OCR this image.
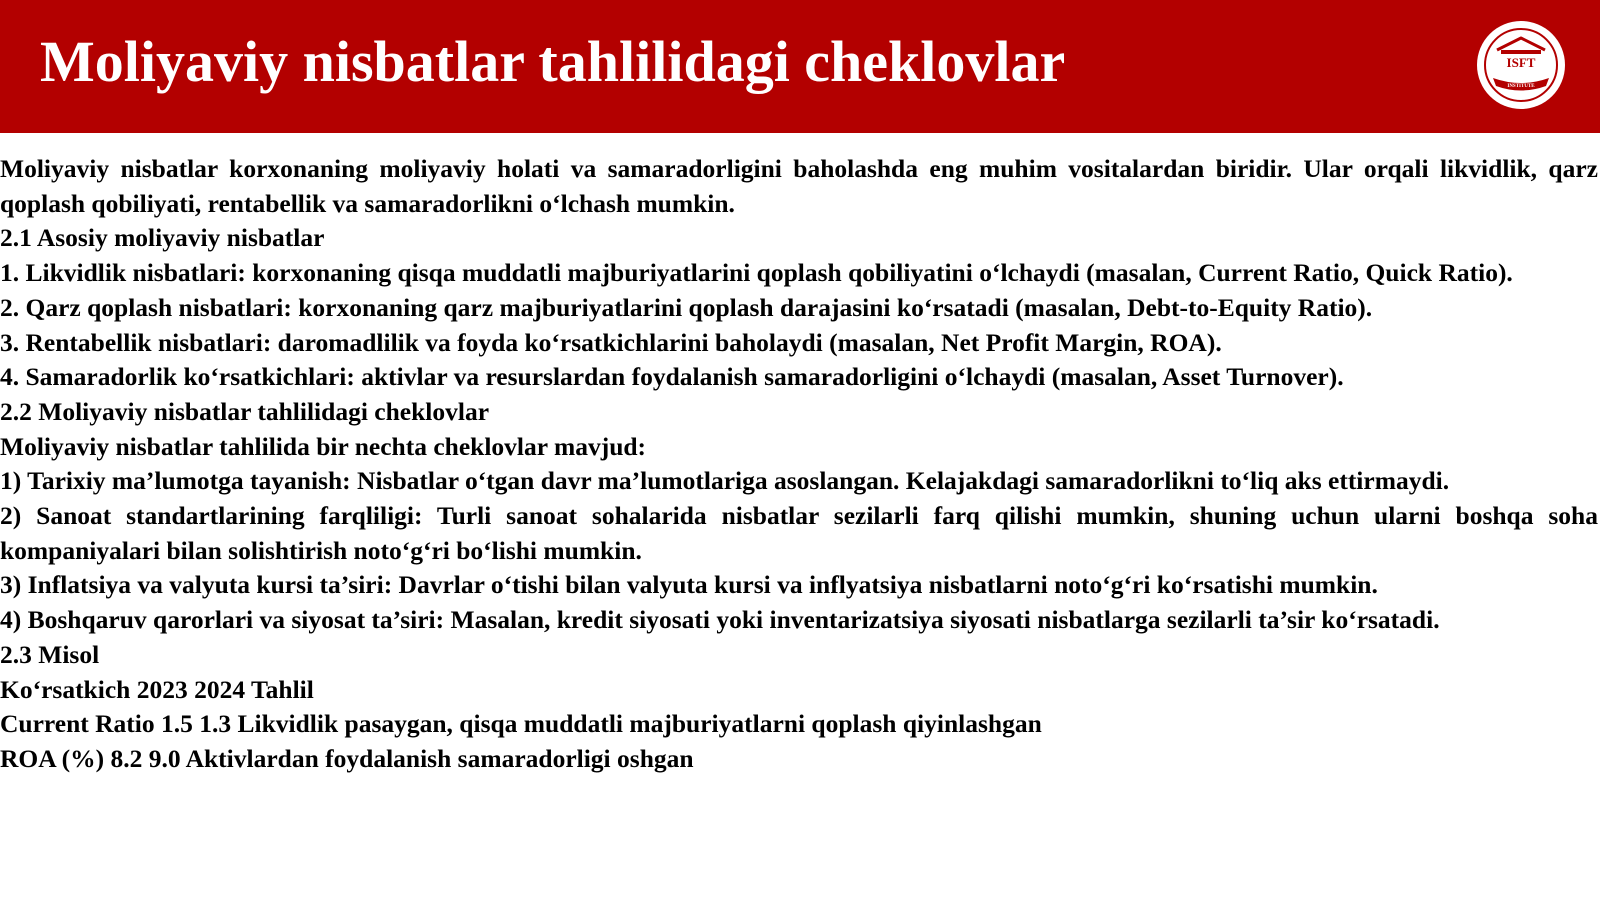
Moliyaviy nisbatlar tahlilidagi cheklovlar	ISFT
INSTITUTE

Moliyaviy nisbatlar korxonaning moliyaviy holati va samaradorligini baholashda eng muhim vositalardan biridir. Ular orqali likvidlik, qarz qoplash qobiliyati, rentabellik va samaradorlikni o‘lchash mumkin.

2.1 Asosiy moliyaviy nisbatlar

1. Likvidlik nisbatlari: korxonaning qisqa muddatli majburiyatlarini qoplash qobiliyatini o‘lchaydi (masalan, Current Ratio, Quick Ratio).

2. Qarz qoplash nisbatlari: korxonaning qarz majburiyatlarini qoplash darajasini ko‘rsatadi (masalan, Debt-to-Equity Ratio).

3. Rentabellik nisbatlari: daromadlilik va foyda ko‘rsatkichlarini baholaydi (masalan, Net Profit Margin, ROA).

4. Samaradorlik ko‘rsatkichlari: aktivlar va resurslardan foydalanish samaradorligini o‘lchaydi (masalan, Asset Turnover).

2.2 Moliyaviy nisbatlar tahlilidagi cheklovlar

Moliyaviy nisbatlar tahlilida bir nechta cheklovlar mavjud:

1) Tarixiy ma’lumotga tayanish: Nisbatlar o‘tgan davr ma’lumotlariga asoslangan. Kelajakdagi samaradorlikni to‘liq aks ettirmaydi.

2) Sanoat standartlarining farqliligi: Turli sanoat sohalarida nisbatlar sezilarli farq qilishi mumkin, shuning uchun ularni boshqa soha kompaniyalari bilan solishtirish noto‘g‘ri bo‘lishi mumkin.

3) Inflatsiya va valyuta kursi ta’siri: Davrlar o‘tishi bilan valyuta kursi va inflyatsiya nisbatlarni noto‘g‘ri ko‘rsatishi mumkin.

4) Boshqaruv qarorlari va siyosat ta’siri: Masalan, kredit siyosati yoki inventarizatsiya siyosati nisbatlarga sezilarli ta’sir ko‘rsatadi.

2.3 Misol

Ko‘rsatkich 2023 2024 Tahlil

Current Ratio 1.5 1.3 Likvidlik pasaygan, qisqa muddatli majburiyatlarni qoplash qiyinlashgan

ROA (%) 8.2 9.0 Aktivlardan foydalanish samaradorligi oshgan
